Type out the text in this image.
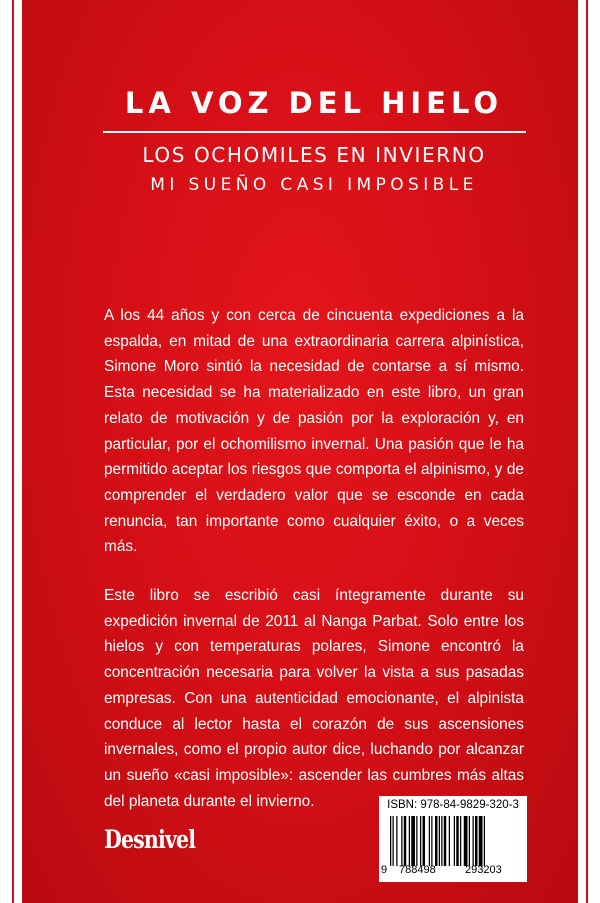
LA VOZ DEL HIELO
LOS OCHOMILES EN INVIERNO
MI SUEÑO CASI IMPOSIBLE

A los 44 años y con cerca de cincuenta expediciones a la espalda, en mitad de una extraordinaria carrera alpinística, Simone Moro sintió la necesidad de contarse a sí mismo. Esta necesidad se ha materializado en este libro, un gran relato de motivación y de pasión por la exploración y, en particular, por el ochomilismo invernal. Una pasión que le ha permitido aceptar los riesgos que comporta el alpinismo, y de comprender el verdadero valor que se esconde en cada renuncia, tan importante como cualquier éxito, o a veces más.

Este libro se escribió casi íntegramente durante su expedición invernal de 2011 al Nanga Parbat. Solo entre los hielos y con temperaturas polares, Simone encontró la concentración necesaria para volver la vista a sus pasadas empresas. Con una autenticidad emocionante, el alpinista conduce al lector hasta el corazón de sus ascensiones invernales, como el propio autor dice, luchando por alcanzar un sueño «casi imposible»: ascender las cumbres más altas del planeta durante el invierno.

Desnivel
ISBN: 978-84-9829-320-3
9 788498	293203
